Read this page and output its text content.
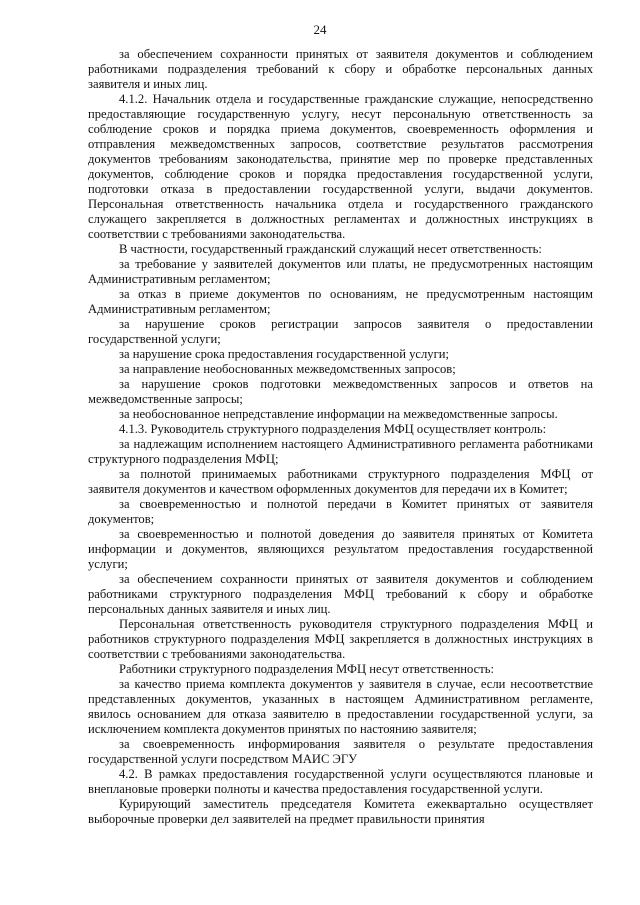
24

за обеспечением сохранности принятых от заявителя документов и соблюдением работниками подразделения требований к сбору и обработке персональных данных заявителя и иных лиц.

4.1.2. Начальник отдела и государственные гражданские служащие, непосредственно предоставляющие государственную услугу, несут персональную ответственность за соблюдение сроков и порядка приема документов, своевременность оформления и отправления межведомственных запросов, соответствие результатов рассмотрения документов требованиям законодательства, принятие мер по проверке представленных документов, соблюдение сроков и порядка предоставления государственной услуги, подготовки отказа в предоставлении государственной услуги, выдачи документов. Персональная ответственность начальника отдела и государственного гражданского служащего закрепляется в должностных регламентах и должностных инструкциях в соответствии с требованиями законодательства.

В частности, государственный гражданский служащий несет ответственность:

за требование у заявителей документов или платы, не предусмотренных настоящим Административным регламентом;

за отказ в приеме документов по основаниям, не предусмотренным настоящим Административным регламентом;

за нарушение сроков регистрации запросов заявителя о предоставлении государственной услуги;

за нарушение срока предоставления государственной услуги;

за направление необоснованных межведомственных запросов;

за нарушение сроков подготовки межведомственных запросов и ответов на межведомственные запросы;

за необоснованное непредставление информации на межведомственные запросы.

4.1.3. Руководитель структурного подразделения МФЦ осуществляет контроль:

за надлежащим исполнением настоящего Административного регламента работниками структурного подразделения МФЦ;

за полнотой принимаемых работниками структурного подразделения МФЦ от заявителя документов и качеством оформленных документов для передачи их в Комитет;

за своевременностью и полнотой передачи в Комитет принятых от заявителя документов;

за своевременностью и полнотой доведения до заявителя принятых от Комитета информации и документов, являющихся результатом предоставления государственной услуги;

за обеспечением сохранности принятых от заявителя документов и соблюдением работниками структурного подразделения МФЦ требований к сбору и обработке персональных данных заявителя и иных лиц.

Персональная ответственность руководителя структурного подразделения МФЦ и работников структурного подразделения МФЦ закрепляется в должностных инструкциях в соответствии с требованиями законодательства.

Работники структурного подразделения МФЦ несут ответственность:

за качество приема комплекта документов у заявителя в случае, если несоответствие представленных документов, указанных в настоящем Административном регламенте, явилось основанием для отказа заявителю в предоставлении государственной услуги, за исключением комплекта документов принятых по настоянию заявителя;

за своевременность информирования заявителя о результате предоставления государственной услуги посредством МАИС ЭГУ

4.2. В рамках предоставления государственной услуги осуществляются плановые и внеплановые проверки полноты и качества предоставления государственной услуги.

Курирующий заместитель председателя Комитета ежеквартально осуществляет выборочные проверки дел заявителей на предмет правильности принятия
